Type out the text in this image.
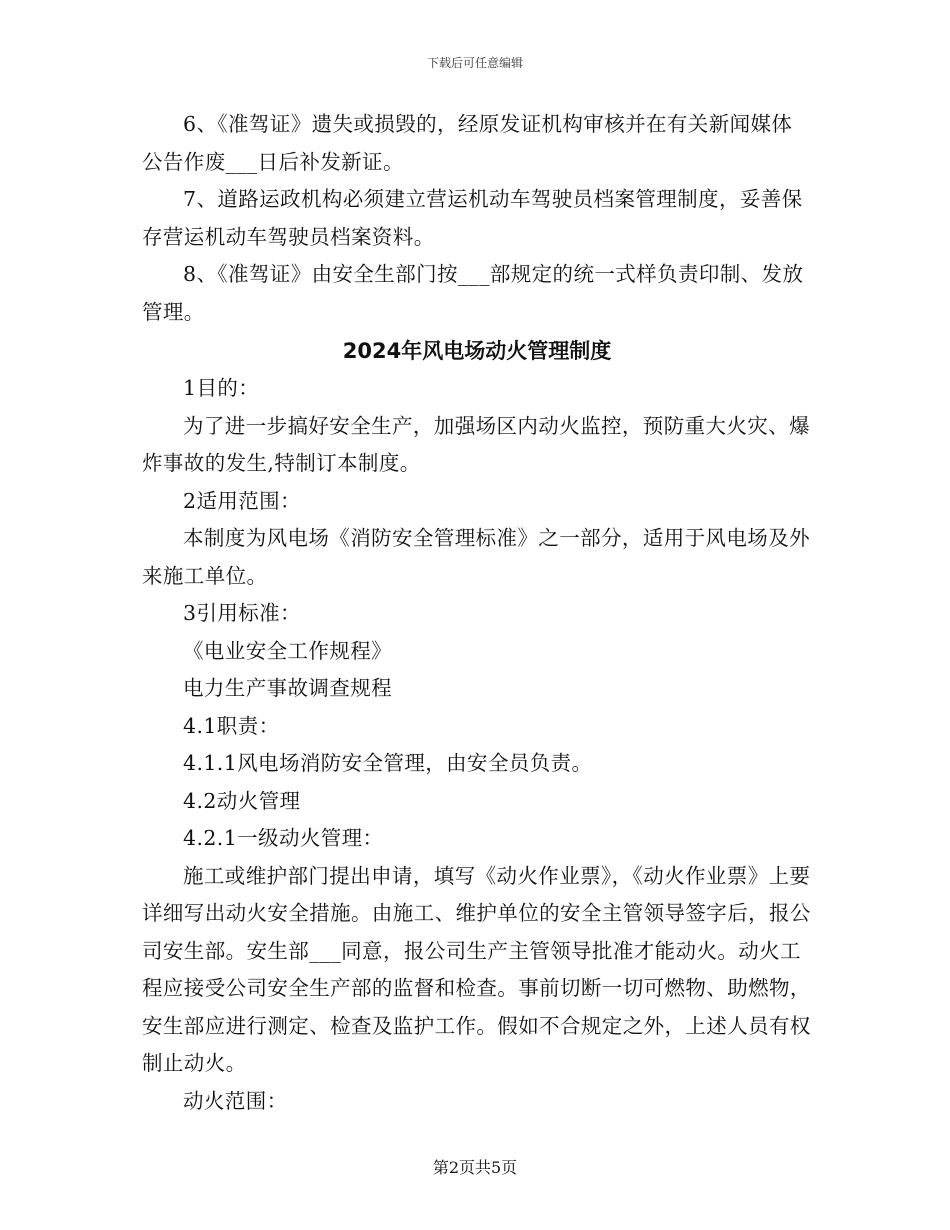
下载后可任意编辑

6、《准驾证》遗失或损毁的，经原发证机构审核并在有关新闻媒体公告作废___日后补发新证。

7、道路运政机构必须建立营运机动车驾驶员档案管理制度，妥善保存营运机动车驾驶员档案资料。

8、《准驾证》由安全生部门按___部规定的统一式样负责印制、发放管理。

2024年风电场动火管理制度

1目的：

为了进一步搞好安全生产，加强场区内动火监控，预防重大火灾、爆炸事故的发生,特制订本制度。

2适用范围：

本制度为风电场《消防安全管理标准》之一部分，适用于风电场及外来施工单位。

3引用标准：

《电业安全工作规程》

电力生产事故调查规程

4.1职责：

4.1.1风电场消防安全管理，由安全员负责。

4.2动火管理

4.2.1一级动火管理：

施工或维护部门提出申请，填写《动火作业票》，《动火作业票》上要详细写出动火安全措施。由施工、维护单位的安全主管领导签字后，报公司安生部。安生部___同意，报公司生产主管领导批准才能动火。动火工程应接受公司安全生产部的监督和检查。事前切断一切可燃物、助燃物，安生部应进行测定、检查及监护工作。假如不合规定之外，上述人员有权制止动火。

动火范围：

第2页共5页
